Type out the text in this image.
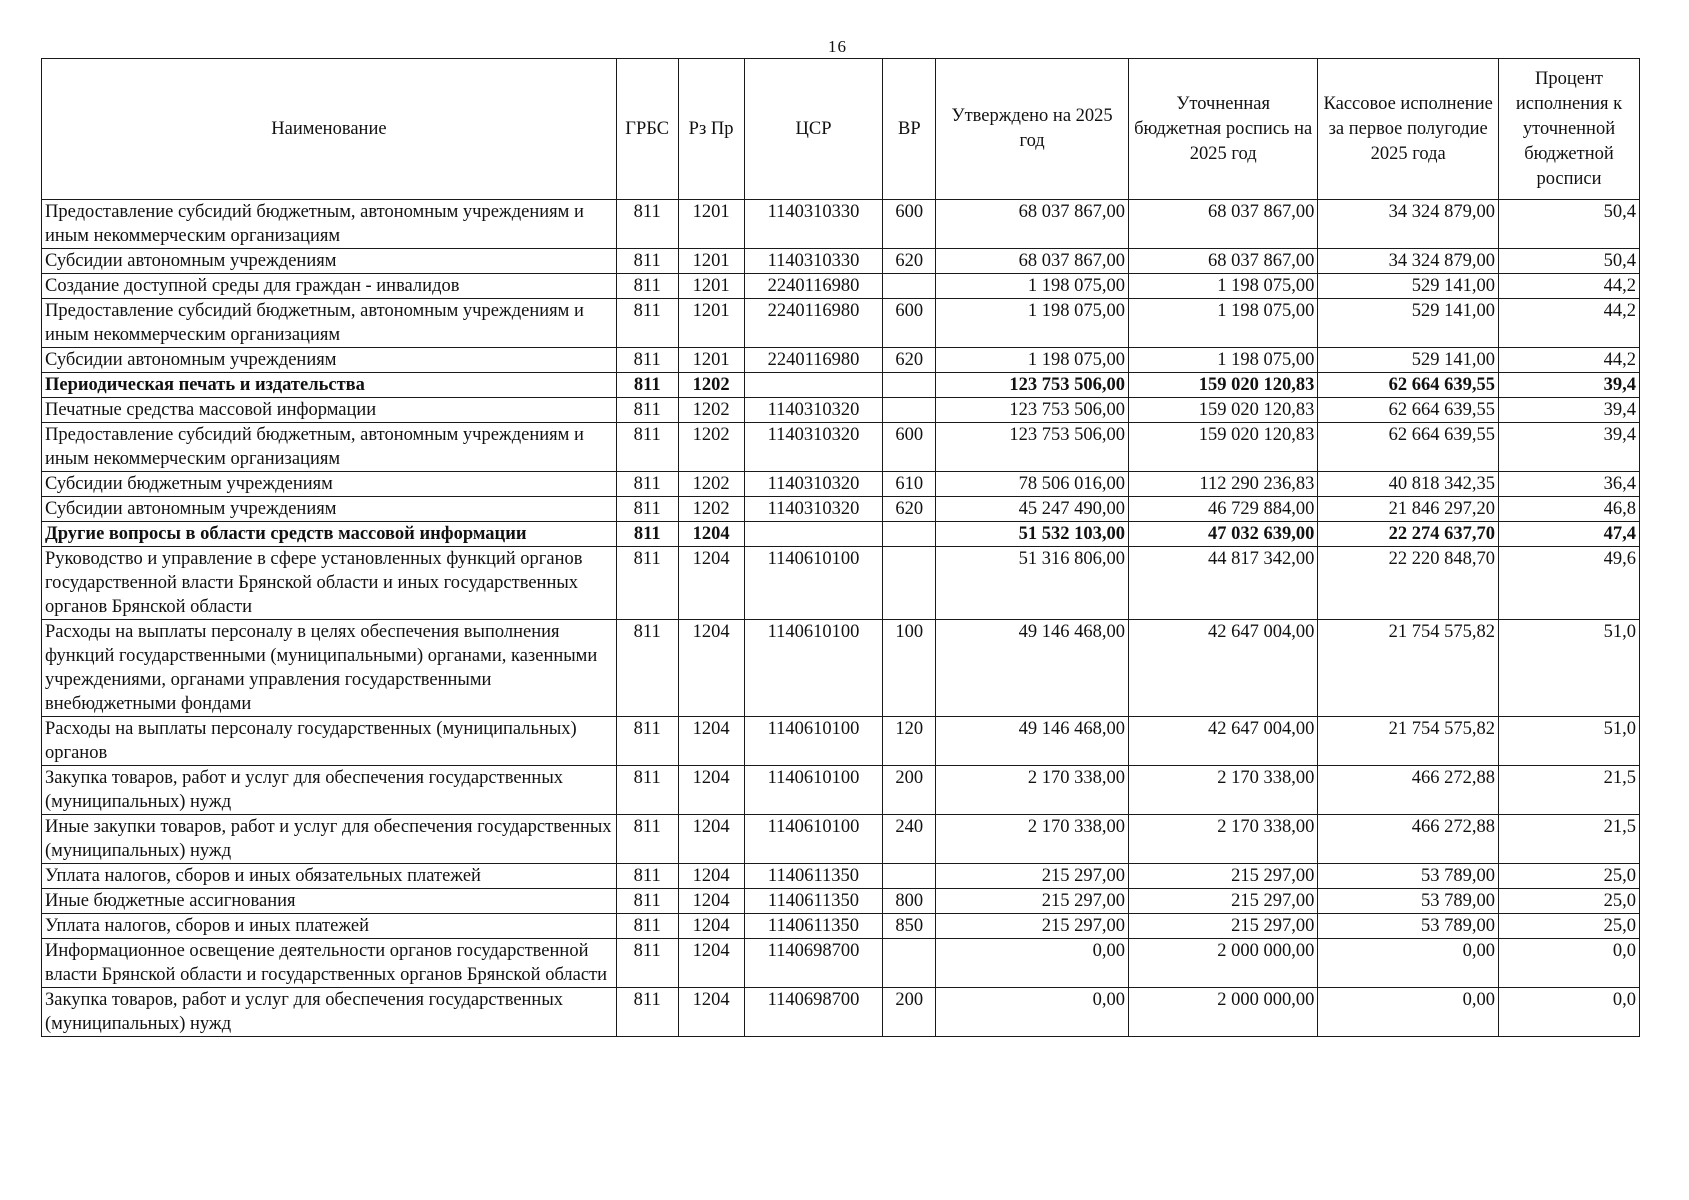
16
Наименование	ГРБС	Рз Пр	ЦСР	ВР	Утверждено на 2025 год	Уточненная бюджетная роспись на 2025 год	Кассовое исполнение за первое полугодие 2025 года	Процент исполнения к уточненной бюджетной росписи
Предоставление субсидий бюджетным, автономным учреждениям и иным некоммерческим организациям	811	1201	1140310330	600	68 037 867,00	68 037 867,00	34 324 879,00	50,4
Субсидии автономным учреждениям	811	1201	1140310330	620	68 037 867,00	68 037 867,00	34 324 879,00	50,4
Создание доступной среды для граждан - инвалидов	811	1201	2240116980		1 198 075,00	1 198 075,00	529 141,00	44,2
Предоставление субсидий бюджетным, автономным учреждениям и иным некоммерческим организациям	811	1201	2240116980	600	1 198 075,00	1 198 075,00	529 141,00	44,2
Субсидии автономным учреждениям	811	1201	2240116980	620	1 198 075,00	1 198 075,00	529 141,00	44,2
Периодическая печать и издательства	811	1202			123 753 506,00	159 020 120,83	62 664 639,55	39,4
Печатные средства массовой информации	811	1202	1140310320		123 753 506,00	159 020 120,83	62 664 639,55	39,4
Предоставление субсидий бюджетным, автономным учреждениям и иным некоммерческим организациям	811	1202	1140310320	600	123 753 506,00	159 020 120,83	62 664 639,55	39,4
Субсидии бюджетным учреждениям	811	1202	1140310320	610	78 506 016,00	112 290 236,83	40 818 342,35	36,4
Субсидии автономным учреждениям	811	1202	1140310320	620	45 247 490,00	46 729 884,00	21 846 297,20	46,8
Другие вопросы в области средств массовой информации	811	1204			51 532 103,00	47 032 639,00	22 274 637,70	47,4
Руководство и управление в сфере установленных функций органов государственной власти Брянской области и иных государственных органов Брянской области	811	1204	1140610100		51 316 806,00	44 817 342,00	22 220 848,70	49,6
Расходы на выплаты персоналу в целях обеспечения выполнения функций государственными (муниципальными) органами, казенными учреждениями, органами управления государственными внебюджетными фондами	811	1204	1140610100	100	49 146 468,00	42 647 004,00	21 754 575,82	51,0
Расходы на выплаты персоналу государственных (муниципальных) органов	811	1204	1140610100	120	49 146 468,00	42 647 004,00	21 754 575,82	51,0
Закупка товаров, работ и услуг для обеспечения государственных (муниципальных) нужд	811	1204	1140610100	200	2 170 338,00	2 170 338,00	466 272,88	21,5
Иные закупки товаров, работ и услуг для обеспечения государственных (муниципальных) нужд	811	1204	1140610100	240	2 170 338,00	2 170 338,00	466 272,88	21,5
Уплата налогов, сборов и иных обязательных платежей	811	1204	1140611350		215 297,00	215 297,00	53 789,00	25,0
Иные бюджетные ассигнования	811	1204	1140611350	800	215 297,00	215 297,00	53 789,00	25,0
Уплата налогов, сборов и иных платежей	811	1204	1140611350	850	215 297,00	215 297,00	53 789,00	25,0
Информационное освещение деятельности органов государственной власти Брянской области и государственных органов Брянской области	811	1204	1140698700		0,00	2 000 000,00	0,00	0,0
Закупка товаров, работ и услуг для обеспечения государственных (муниципальных) нужд	811	1204	1140698700	200	0,00	2 000 000,00	0,00	0,0
